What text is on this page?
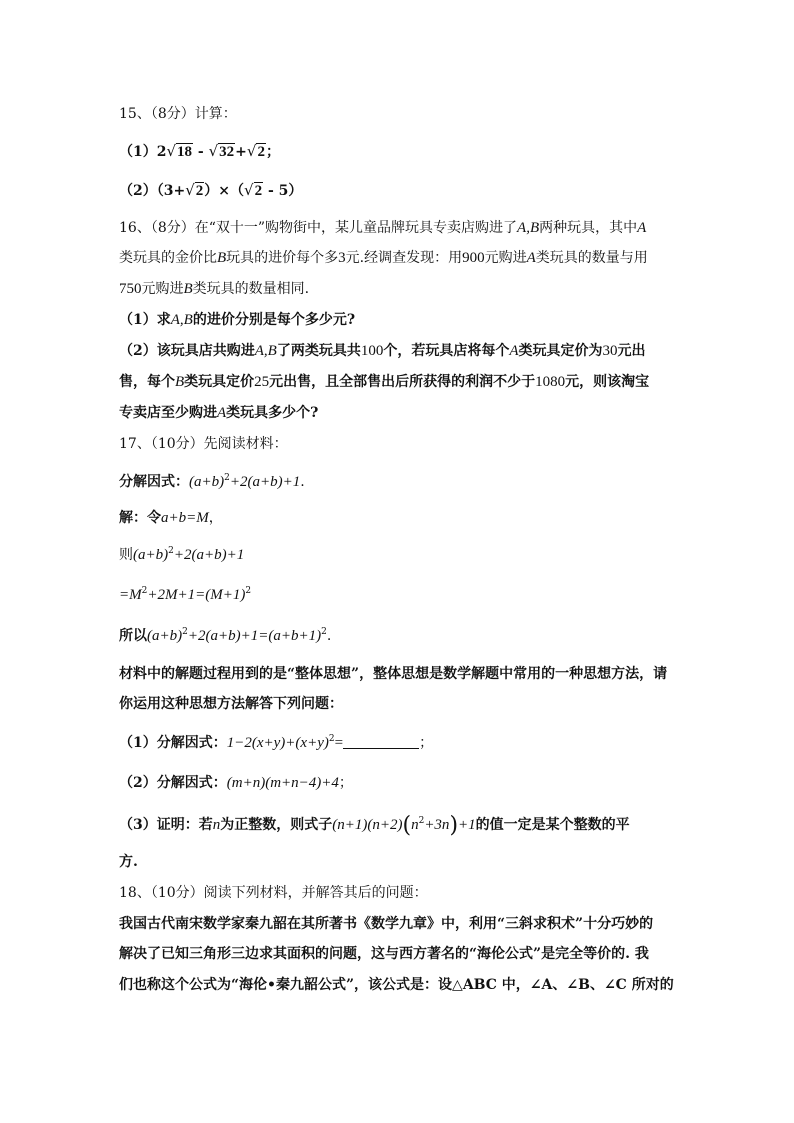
15、（8分）计算：
（1）2√18 - √32+√2；
（2）（3+√2）×（√2 - 5）
16、（8分）在“双十一”购物街中，某儿童品牌玩具专卖店购进了A,B两种玩具，其中A
类玩具的金价比B玩具的进价每个多3元.经调查发现：用900元购进A类玩具的数量与用
750元购进B类玩具的数量相同.
（1）求A,B的进价分别是每个多少元?
（2）该玩具店共购进A,B了两类玩具共100个，若玩具店将每个A类玩具定价为30元出
售，每个B类玩具定价25元出售，且全部售出后所获得的利润不少于1080元，则该淘宝
专卖店至少购进A类玩具多少个?
17、（10分）先阅读材料：
分解因式：$(a+b)^2+2(a+b)+1$.
解：令a+b=M，
则$(a+b)^2+2(a+b)+1$
$=M^2+2M+1=(M+1)^2$
所以$(a+b)^2+2(a+b)+1=(a+b+1)^2$.
材料中的解题过程用到的是“整体思想”，整体思想是数学解题中常用的一种思想方法，请
你运用这种思想方法解答下列问题：
（1）分解因式：$1-2(x+y)+(x+y)^2=$	；
（2）分解因式：(m+n)(m+n−4)+4；
（3）证明：若n为正整数，则式子$(n+1)(n+2)(n^2+3n)+1$的值一定是某个整数的平
方.
18、（10分）阅读下列材料，并解答其后的问题：
我国古代南宋数学家秦九韶在其所著书《数学九章》中，利用“三斜求积术”十分巧妙的
解决了已知三角形三边求其面积的问题，这与西方著名的“海伦公式”是完全等价的. 我
们也称这个公式为“海伦•秦九韶公式”，该公式是：设△ABC 中，∠A、∠B、∠C 所对的
